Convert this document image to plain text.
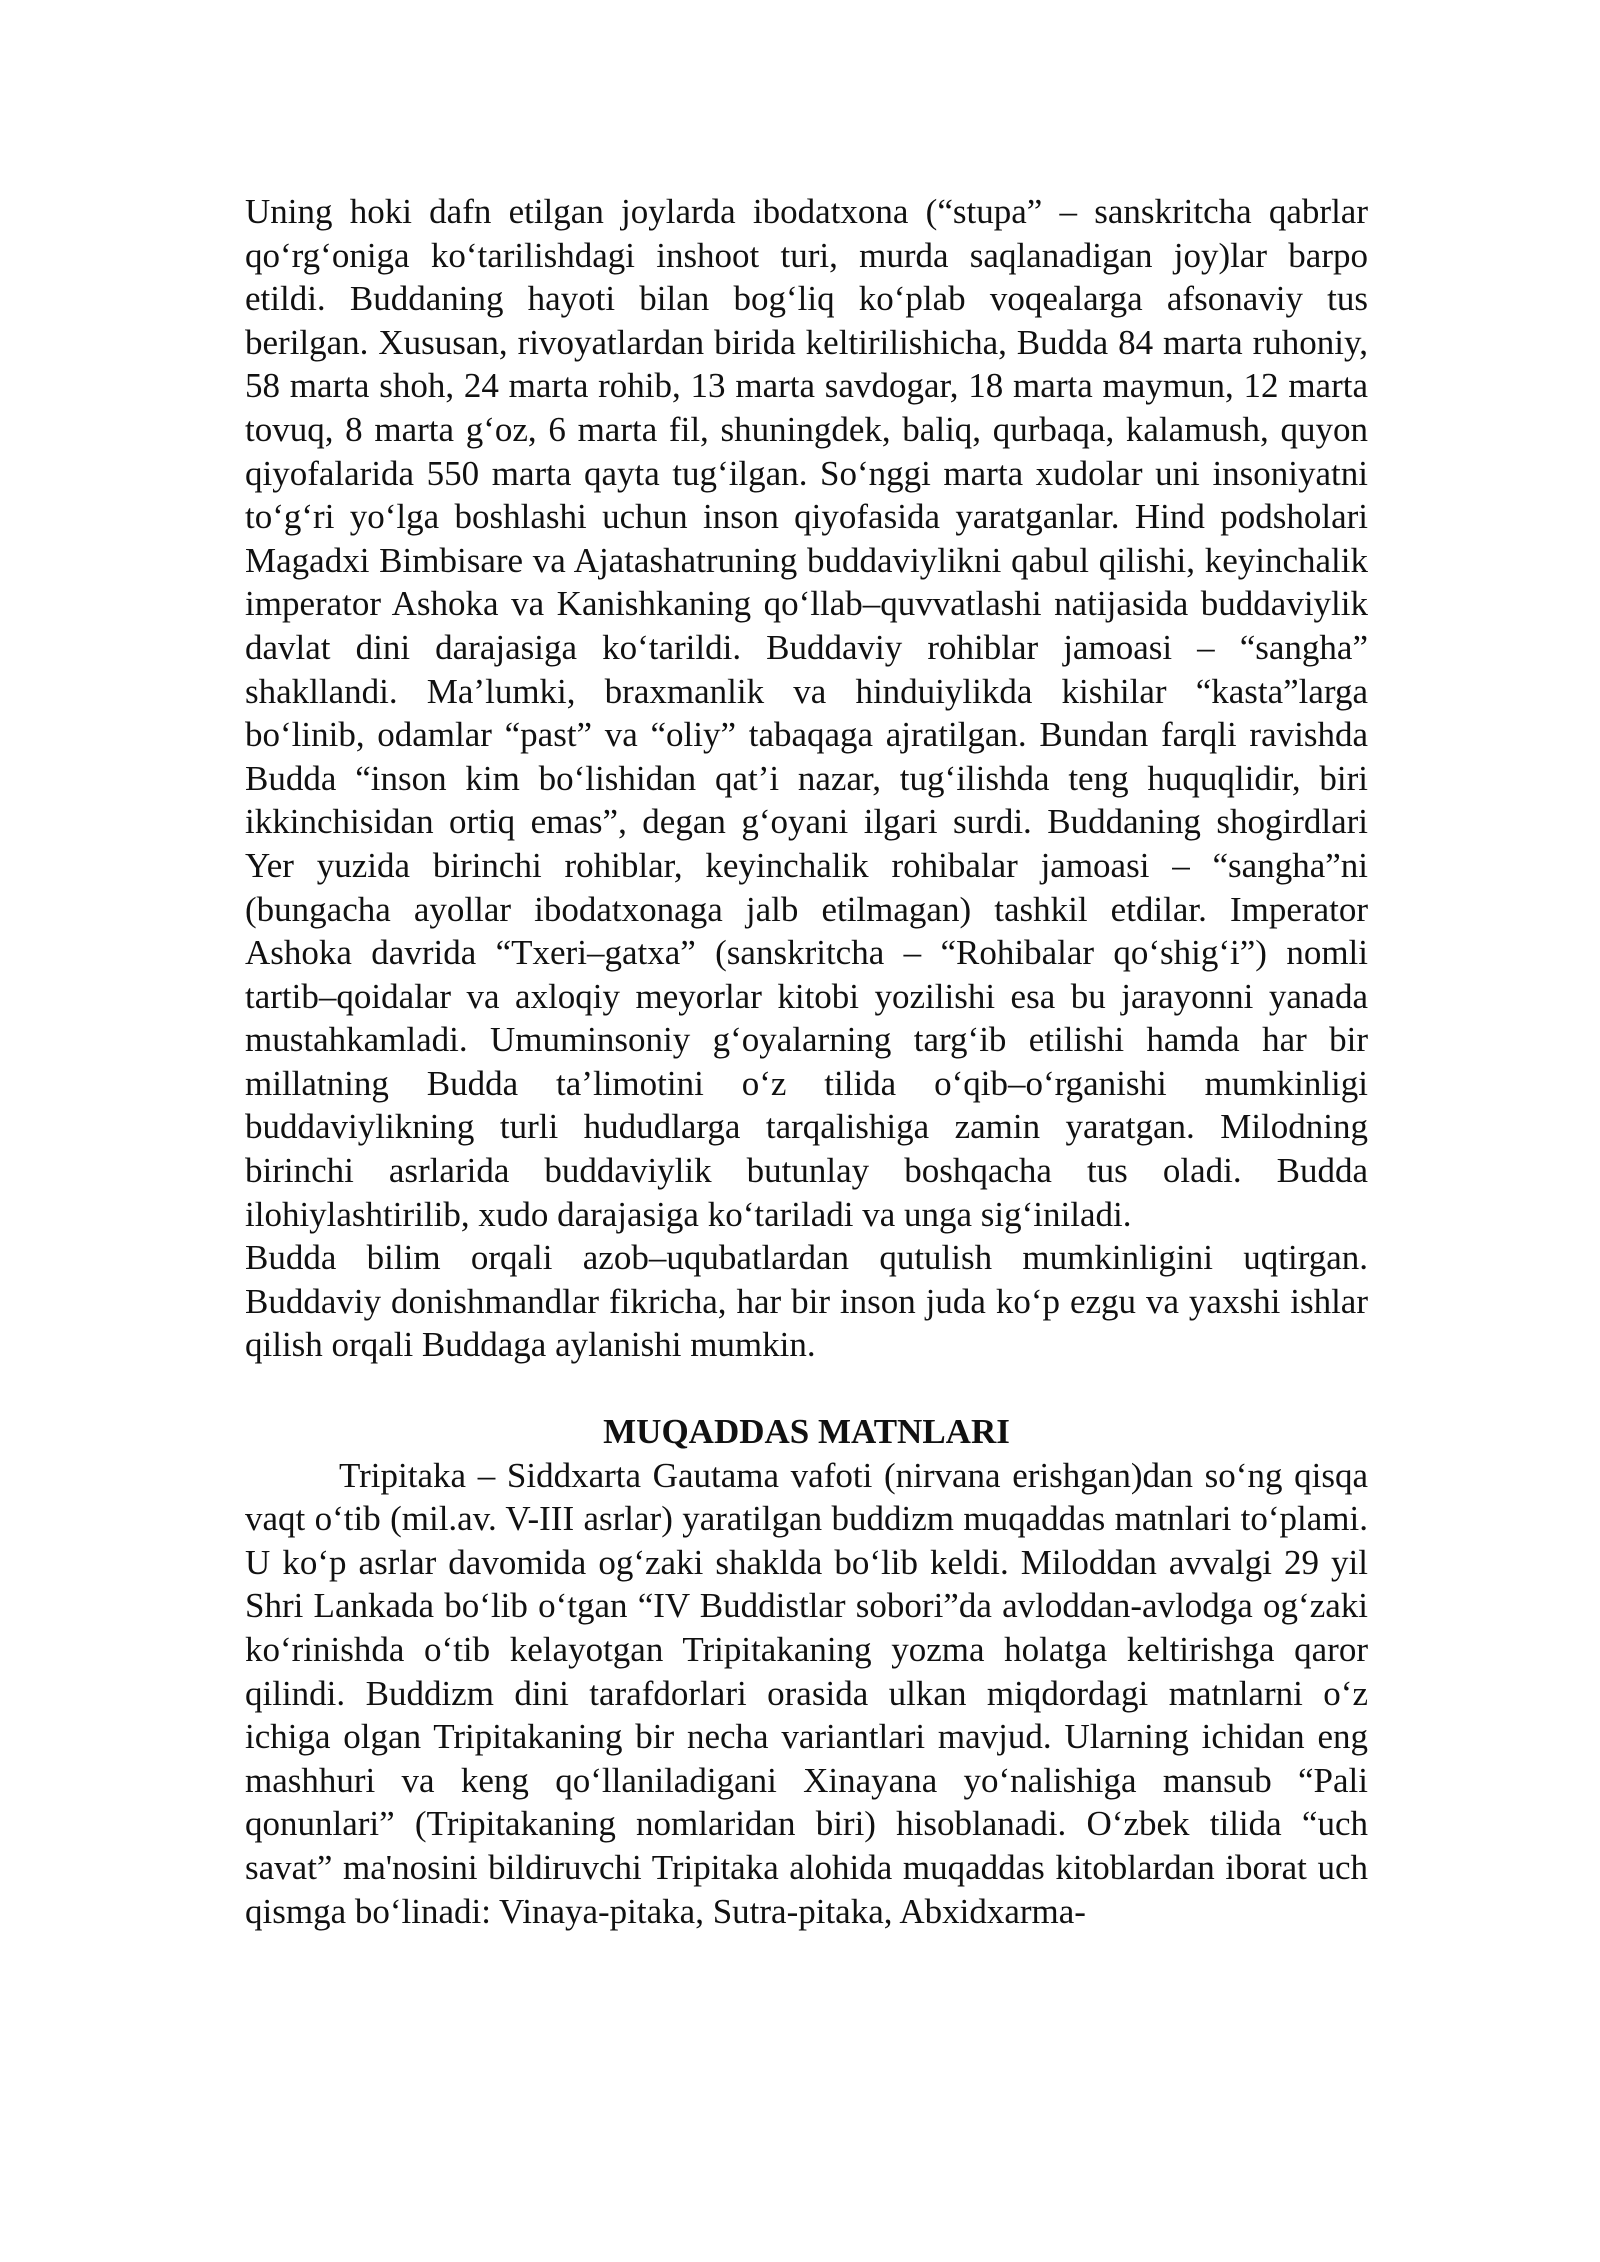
Uning hoki dafn etilgan joylarda ibodatxona (“stupa” – sanskritcha qabrlar qo‘rg‘oniga ko‘tarilishdagi inshoot turi, murda saqlanadigan joy)lar barpo etildi. Buddaning hayoti bilan bog‘liq ko‘plab voqealarga afsonaviy tus berilgan. Xususan, rivoyatlardan birida keltirilishicha, Budda 84 marta ruhoniy, 58 marta shoh, 24 marta rohib, 13 marta savdogar, 18 marta maymun, 12 marta tovuq, 8 marta g‘oz, 6 marta fil, shuningdek, baliq, qurbaqa, kalamush, quyon qiyofalarida 550 marta qayta tug‘ilgan. So‘nggi marta xudolar uni insoniyatni to‘g‘ri yo‘lga boshlashi uchun inson qiyofasida yaratganlar. Hind podsholari Magadxi Bimbisare va Ajatashatruning buddaviylikni qabul qilishi, keyinchalik imperator Ashoka va Kanishkaning qo‘llab–quvvatlashi natijasida buddaviylik davlat dini darajasiga ko‘tarildi. Buddaviy rohiblar jamoasi – “sangha” shakllandi. Ma’lumki, braxmanlik va hinduiylikda kishilar “kasta”larga bo‘linib, odamlar “past” va “oliy” tabaqaga ajratilgan. Bundan farqli ravishda Budda “inson kim bo‘lishidan qat’i nazar, tug‘ilishda teng huquqlidir, biri ikkinchisidan ortiq emas”, degan g‘oyani ilgari surdi. Buddaning shogirdlari Yer yuzida birinchi rohiblar, keyinchalik rohibalar jamoasi – “sangha”ni (bungacha ayollar ibodatxonaga jalb etilmagan) tashkil etdilar. Imperator Ashoka davrida “Txeri–gatxa” (sanskritcha – “Rohibalar qo‘shig‘i”) nomli tartib–qoidalar va axloqiy meyorlar kitobi yozilishi esa bu jarayonni yanada mustahkamladi. Umuminsoniy g‘oyalarning targ‘ib etilishi hamda har bir millatning Budda ta’limotini o‘z tilida o‘qib–o‘rganishi mumkinligi buddaviylikning turli hududlarga tarqalishiga zamin yaratgan. Milodning birinchi asrlarida buddaviylik butunlay boshqacha tus oladi. Budda ilohiylashtirilib, xudo darajasiga ko‘tariladi va unga sig‘iniladi.

Budda bilim orqali azob–uqubatlardan qutulish mumkinligini uqtirgan. Buddaviy donishmandlar fikricha, har bir inson juda ko‘p ezgu va yaxshi ishlar qilish orqali Buddaga aylanishi mumkin.

MUQADDAS MATNLARI

Tripitaka – Siddxarta Gautama vafoti (nirvana erishgan)dan so‘ng qisqa vaqt o‘tib (mil.av. V-III asrlar) yaratilgan buddizm muqaddas matnlari to‘plami. U ko‘p asrlar davomida og‘zaki shaklda bo‘lib keldi. Miloddan avvalgi 29 yil Shri Lankada bo‘lib o‘tgan “IV Buddistlar sobori”da avloddan-avlodga og‘zaki ko‘rinishda o‘tib kelayotgan Tripitakaning yozma holatga keltirishga qaror qilindi. Buddizm dini tarafdorlari orasida ulkan miqdordagi matnlarni o‘z ichiga olgan Tripitakaning bir necha variantlari mavjud. Ularning ichidan eng mashhuri va keng qo‘llaniladigani Xinayana yo‘nalishiga mansub “Pali qonunlari” (Tripitakaning nomlaridan biri) hisoblanadi. O‘zbek tilida “uch savat” ma'nosini bildiruvchi Tripitaka alohida muqaddas kitoblardan iborat uch qismga bo‘linadi: Vinaya-pitaka, Sutra-pitaka, Abxidxarma-
